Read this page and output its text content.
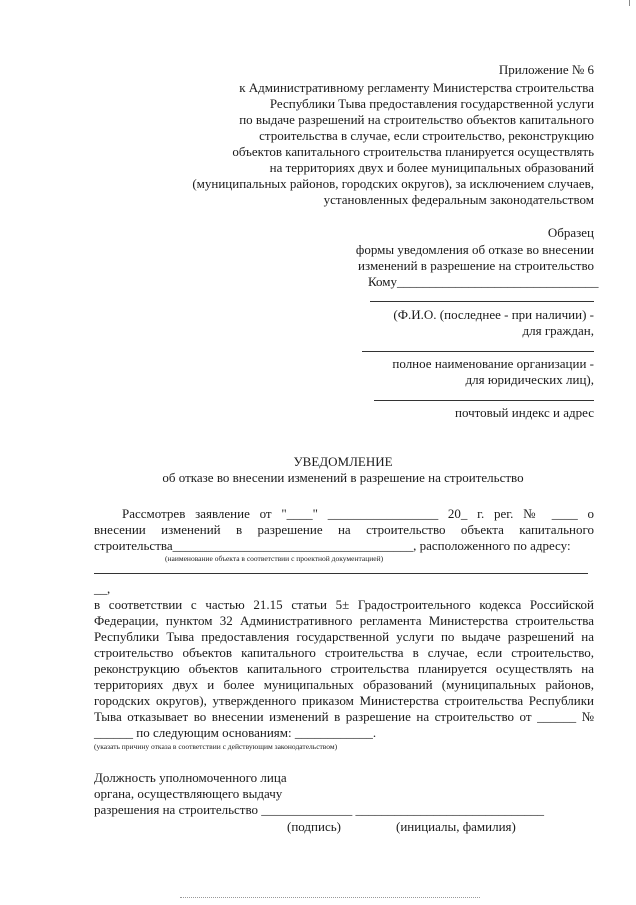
Приложение № 6
к Административному регламенту Министерства строительства
Республики Тыва предоставления государственной услуги
по выдаче разрешений на строительство объектов капитального
строительства в случае, если строительство, реконструкцию
объектов капитального строительства планируется осуществлять
на территориях двух и более муниципальных образований
(муниципальных районов, городских округов), за исключением случаев,
установленных федеральным законодательством
Образец
формы уведомления об отказе во внесении
изменений в разрешение на строительство
Кому_______________________________
(Ф.И.О. (последнее - при наличии) -
для граждан,
полное наименование организации -
для юридических лиц),
почтовый индекс и адрес
УВЕДОМЛЕНИЕ
об отказе во внесении изменений в разрешение на строительство
Рассмотрев заявление от "____" _________________ 20_ г. рег. № ____ о
внесении изменений в разрешение на строительство объекта капитального
строительства_____________________________________, расположенного по адресу:
(наименование объекта в соответствии с проектной документацией)
__,
в соответствии с частью 21.15 статьи 5± Градостроительного кодекса Российской
Федерации, пунктом 32 Административного регламента Министерства строительства
Республики Тыва предоставления государственной услуги по выдаче разрешений на
строительство объектов капитального строительства в случае, если строительство,
реконструкцию объектов капитального строительства планируется осуществлять на
территориях двух и более муниципальных образований (муниципальных районов,
городских округов), утвержденного приказом Министерства строительства Республики
Тыва отказывает во внесении изменений в разрешение на строительство от ______ №
______ по следующим основаниям: ____________.
(указать причину отказа в соответствии с действующим законодательством)
Должность уполномоченного лица
органа, осуществляющего выдачу
разрешения на строительство ______________ _____________________________
(подпись)	(инициалы, фамилия)
